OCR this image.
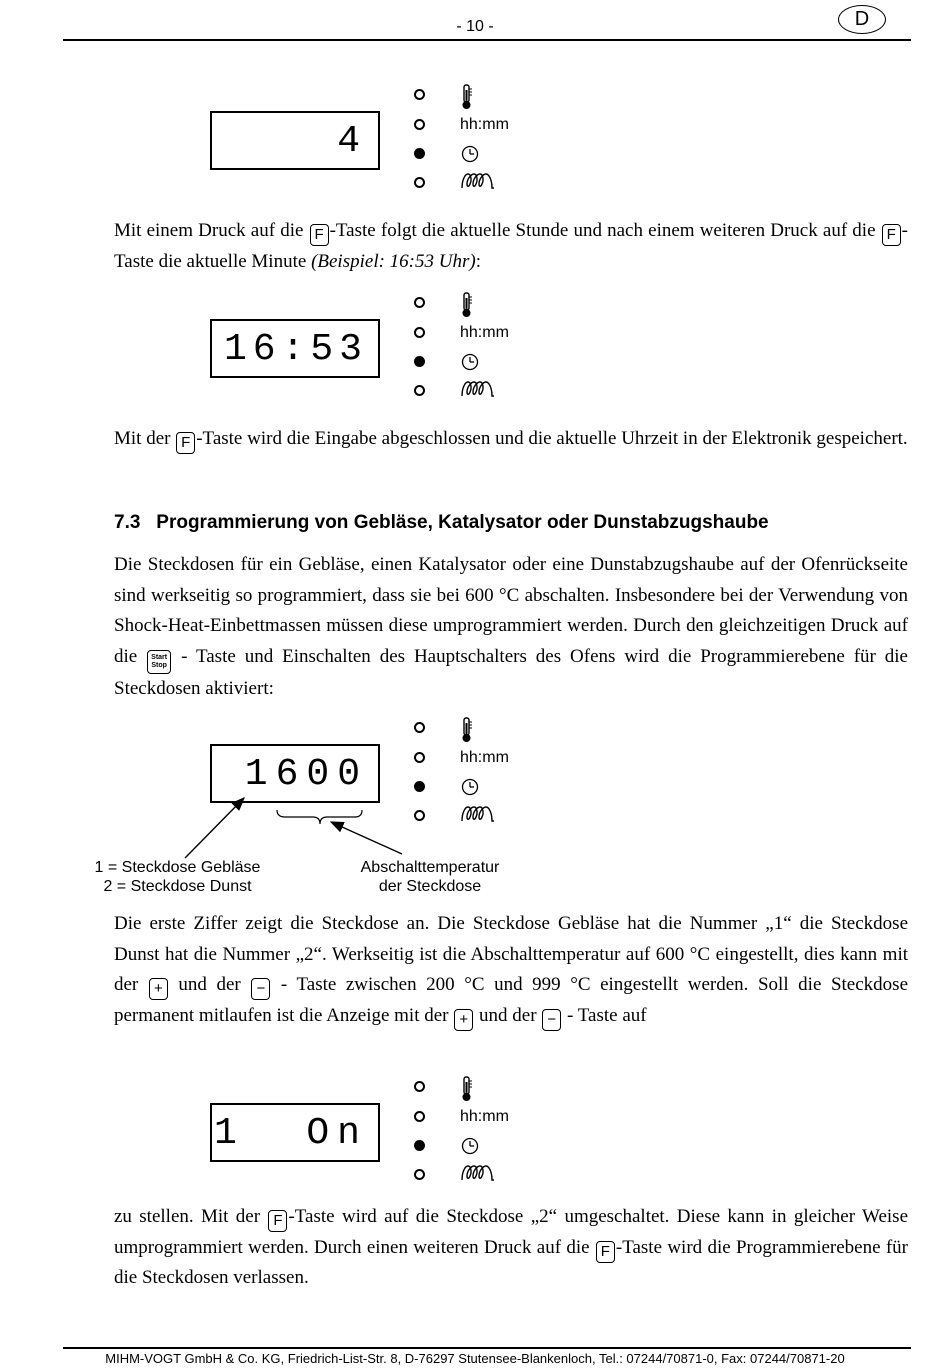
- 10 -	D
4	hh:mm
Mit einem Druck auf die F -Taste folgt die aktuelle Stunde und nach einem weiteren Druck auf die F -Taste die aktuelle Minute (Beispiel: 16:53 Uhr):
16:53	hh:mm
Mit der F -Taste wird die Eingabe abgeschlossen und die aktuelle Uhrzeit in der Elektronik gespeichert.
7.3 Programmierung von Gebläse, Katalysator oder Dunstabzugshaube
Die Steckdosen für ein Gebläse, einen Katalysator oder eine Dunstabzugshaube auf der Ofenrückseite sind werkseitig so programmiert, dass sie bei 600 °C abschalten. Insbesondere bei der Verwendung von Shock-Heat-Einbettmassen müssen diese umprogrammiert werden. Durch den gleichzeitigen Druck auf die Start
Stop - Taste und Einschalten des Hauptschalters des Ofens wird die Programmierebene für die Steckdosen aktiviert:
1600	hh:mm
1 = Steckdose Gebläse
2 = Steckdose Dunst
Abschalttemperatur
der Steckdose
Die erste Ziffer zeigt die Steckdose an. Die Steckdose Gebläse hat die Nummer „1“ die Steckdose Dunst hat die Nummer „2“. Werkseitig ist die Abschalttemperatur auf 600 °C eingestellt, dies kann mit der + und der − - Taste zwischen 200 °C und 999 °C eingestellt werden. Soll die Steckdose permanent mitlaufen ist die Anzeige mit der + und der − - Taste auf
1  On	hh:mm
zu stellen. Mit der F -Taste wird auf die Steckdose „2“ umgeschaltet. Diese kann in gleicher Weise umprogrammiert werden. Durch einen weiteren Druck auf die F -Taste wird die Programmierebene für die Steckdosen verlassen.
MIHM-VOGT GmbH & Co. KG, Friedrich-List-Str. 8, D-76297 Stutensee-Blankenloch, Tel.: 07244/70871-0, Fax: 07244/70871-20
